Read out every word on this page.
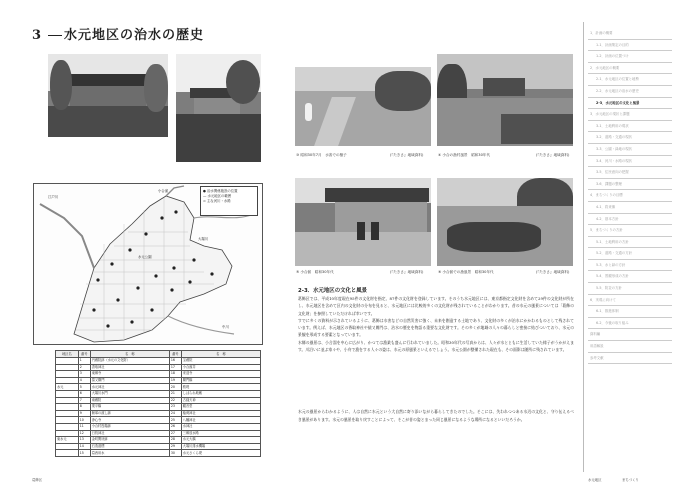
3 水元地区の治水の歴史
③ 昭和30年7月　水害での様子	(『たきさ』地域資料)	④ 小合の漁村風景　昭和30年代	(『たきさ』地域資料)
⑤ 小合溜　昭和30年代	(『たきさ』地域資料)	⑥ 小合溜での漁風景　昭和30年代	(『たきさ』地域資料)
江戸川
大場川
中川
小合溜
水元公園
● 治水関係施設の位置
— 水元地区の範囲
≈ 主な河川・水路
地区名	番号	名　称	番号	名　称
	1	円蔵院跡（水元の文化財）	16	宝蔵院
	2	香取神社	17	小合溜井
	3	東郷寺	18	来迎寺
	4	猿又閘門	19	閘門橋
水元	5	水元神社	20	桜堤
	6	大場川水門	21	しばられ地蔵
	7	南蔵院	22	古録天神
	8	業平橋	23	観音堂
	9	飯塚の渡し跡	24	稲荷神社
	10	浄心寺	25	八幡神社
	11	小合村役場跡	26	水神社
	12	日枝神社	27	三郷放水路
東水元	13	金町関所跡	28	水元大橋
	14	石造道標	29	大場川排水機場
	15	葛西用水	30	水元さくら堤
2-3．水元地区の文化と風景

葛飾区では、平成10年度現在95件の文化財を指定、87件の文化財を登録しています。そのうち水元地区には、東京都指定文化財を含めて29件の文化財が所在し、水元地区を含めて区内の文化財の分布を見ると、水元地区には比較的多くの文化財が残されていることがわかります。昔の水元の風景については「葛飾の文化財」を参照していただければ幸いです。

すでに多くの資料が示されているように、葛飾は水害などの自然災害に強く、未来を創造する土地であり、文化財の多くが治水にかかわるものとして残されています。例えば、水元地区の香取神社や猿又閘門は、治水の歴史を物語る重要な文化財です。その多くが地域の人々の暮らしと密接に結びついており、水元の景観を形成する要素となっています。

水郷の風景は、小合溜を中心に広がり、かつては漁業も盛んに行われていました。昭和30年代の写真からは、人々が水とともに生活していた様子がうかがえます。川沿いに並ぶ家々や、小舟で漁をする人々の姿は、水元の原風景といえるでしょう。水元公園が整備された現在も、その面影は随所に残されています。

水元の風景からわかるように、人は自然に水元という大自然に寄り添いながら暮らしてきたのでした。そこには、失われつつある水辺の文化と、守り伝えるべき風景があります。水元の風景を取り戻すことによって、そこが昔の姿とまった同じ風景になるような場所になるといいだろうか。

1．計画の概要
1-1．計画策定の目的
1-2．計画の位置づけ
2．水元地区の概要
2-1．水元地区の位置と地勢
2-2．水元地区の治水の歴史
2-3．水元地区の文化と風景
3．水元地区の現状と課題
3-1．土地利用の現状
3-2．道路・交通の現状
3-3．公園・緑地の現状
3-4．河川・水路の現状
3-5．住民意向の把握
3-6．課題の整理
4．まちづくりの目標
4-1．将来像
4-2．基本方針
5．まちづくりの方針
5-1．土地利用の方針
5-2．道路・交通の方針
5-3．水と緑の方針
5-4．景観形成の方針
5-5．防災の方針
6．実現に向けて
6-1．推進体制
6-2．今後の取り組み
資料編
用語解説
参考文献
葛飾区	水元地区	まちづくり
